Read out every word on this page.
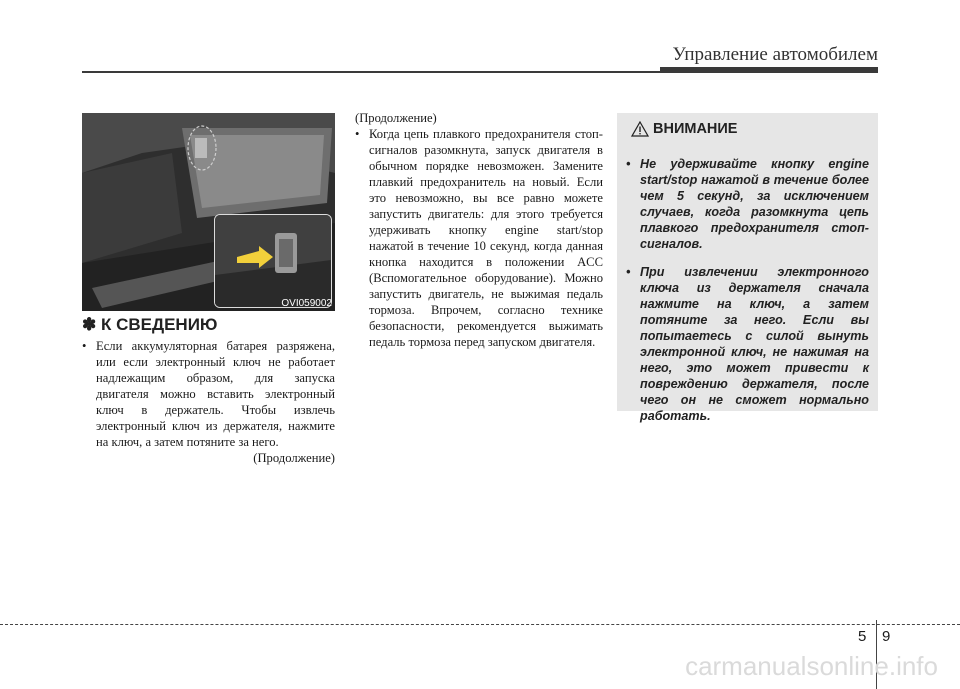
Управление автомобилем
OVI059002
✽ К СВЕДЕНИЮ
• Если аккумуляторная батарея разряжена, или если электронный ключ не работает надлежащим образом, для запуска двигателя можно вставить электронный ключ в держатель. Чтобы извлечь электронный ключ из держателя, нажмите на ключ, а затем потяните за него.

(Продолжение)

(Продолжение)

• Когда цепь плавкого предохранителя стоп-сигналов разомкнута, запуск двигателя в обычном порядке невозможен. Замените плавкий предохранитель на новый. Если это невозможно, вы все равно можете запустить двигатель: для этого требуется удерживать кнопку engine start/stop нажатой в течение 10 секунд, когда данная кнопка находится в положении ACC (Вспомогательное оборудование). Можно запустить двигатель, не выжимая педаль тормоза. Впрочем, согласно технике безопасности, рекомендуется выжимать педаль тормоза перед запуском двигателя.

ВНИМАНИЕ
• Не удерживайте кнопку engine start/stop нажатой в течение более чем 5 секунд, за исключением случаев, когда разомкнута цепь плавкого предохранителя стоп-сигналов.

• При извлечении электронного ключа из держателя сначала нажмите на ключ, а затем потяните за него. Если вы попытаетесь с силой вынуть электронной ключ, не нажимая на него, это может привести к повреждению держателя, после чего он не сможет нормально работать.

5 9
carmanualsonline.info
